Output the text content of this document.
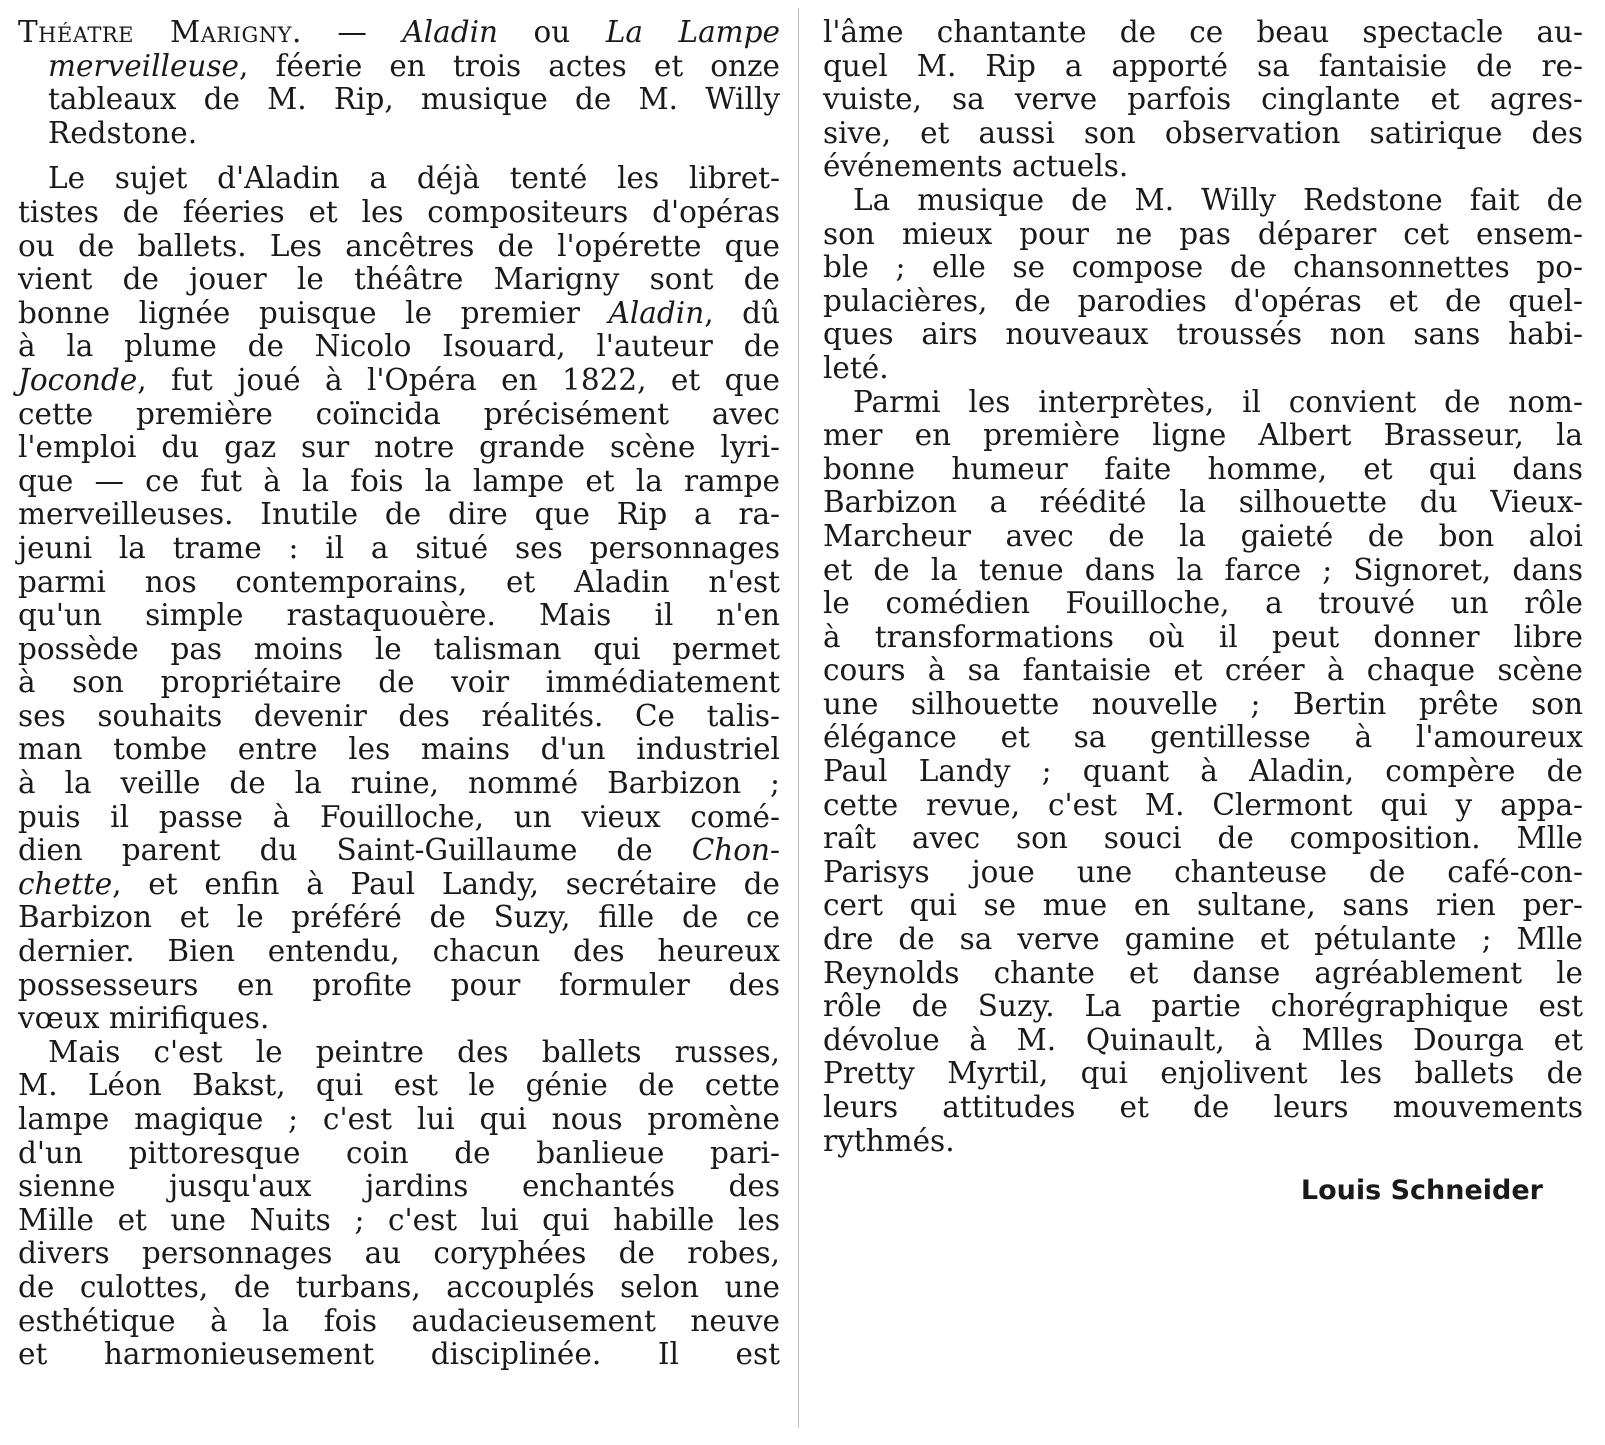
Théatre Marigny. — Aladin ou La Lampe
merveilleuse, féerie en trois actes et onze
tableaux de M. Rip, musique de M. Willy
Redstone.
Le sujet d'Aladin a déjà tenté les libret-
tistes de féeries et les compositeurs d'opéras
ou de ballets. Les ancêtres de l'opérette que
vient de jouer le théâtre Marigny sont de
bonne lignée puisque le premier Aladin, dû
à la plume de Nicolo Isouard, l'auteur de
Joconde, fut joué à l'Opéra en 1822, et que
cette première coïncida précisément avec
l'emploi du gaz sur notre grande scène lyri-
que — ce fut à la fois la lampe et la rampe
merveilleuses. Inutile de dire que Rip a ra-
jeuni la trame : il a situé ses personnages
parmi nos contemporains, et Aladin n'est
qu'un simple rastaquouère. Mais il n'en
possède pas moins le talisman qui permet
à son propriétaire de voir immédiatement
ses souhaits devenir des réalités. Ce talis-
man tombe entre les mains d'un industriel
à la veille de la ruine, nommé Barbizon ;
puis il passe à Fouilloche, un vieux comé-
dien parent du Saint-Guillaume de Chon-
chette, et enfin à Paul Landy, secrétaire de
Barbizon et le préféré de Suzy, fille de ce
dernier. Bien entendu, chacun des heureux
possesseurs en profite pour formuler des
vœux mirifiques.
Mais c'est le peintre des ballets russes,
M. Léon Bakst, qui est le génie de cette
lampe magique ; c'est lui qui nous promène
d'un pittoresque coin de banlieue pari-
sienne jusqu'aux jardins enchantés des
Mille et une Nuits ; c'est lui qui habille les
divers personnages au coryphées de robes,
de culottes, de turbans, accouplés selon une
esthétique à la fois audacieusement neuve
et harmonieusement disciplinée. Il est
l'âme chantante de ce beau spectacle au-
quel M. Rip a apporté sa fantaisie de re-
vuiste, sa verve parfois cinglante et agres-
sive, et aussi son observation satirique des
événements actuels.
La musique de M. Willy Redstone fait de
son mieux pour ne pas déparer cet ensem-
ble ; elle se compose de chansonnettes po-
pulacières, de parodies d'opéras et de quel-
ques airs nouveaux troussés non sans habi-
leté.
Parmi les interprètes, il convient de nom-
mer en première ligne Albert Brasseur, la
bonne humeur faite homme, et qui dans
Barbizon a réédité la silhouette du Vieux-
Marcheur avec de la gaieté de bon aloi
et de la tenue dans la farce ; Signoret, dans
le comédien Fouilloche, a trouvé un rôle
à transformations où il peut donner libre
cours à sa fantaisie et créer à chaque scène
une silhouette nouvelle ; Bertin prête son
élégance et sa gentillesse à l'amoureux
Paul Landy ; quant à Aladin, compère de
cette revue, c'est M. Clermont qui y appa-
raît avec son souci de composition. Mlle
Parisys joue une chanteuse de café-con-
cert qui se mue en sultane, sans rien per-
dre de sa verve gamine et pétulante ; Mlle
Reynolds chante et danse agréablement le
rôle de Suzy. La partie chorégraphique est
dévolue à M. Quinault, à Mlles Dourga et
Pretty Myrtil, qui enjolivent les ballets de
leurs attitudes et de leurs mouvements
rythmés.
Louis Schneider
